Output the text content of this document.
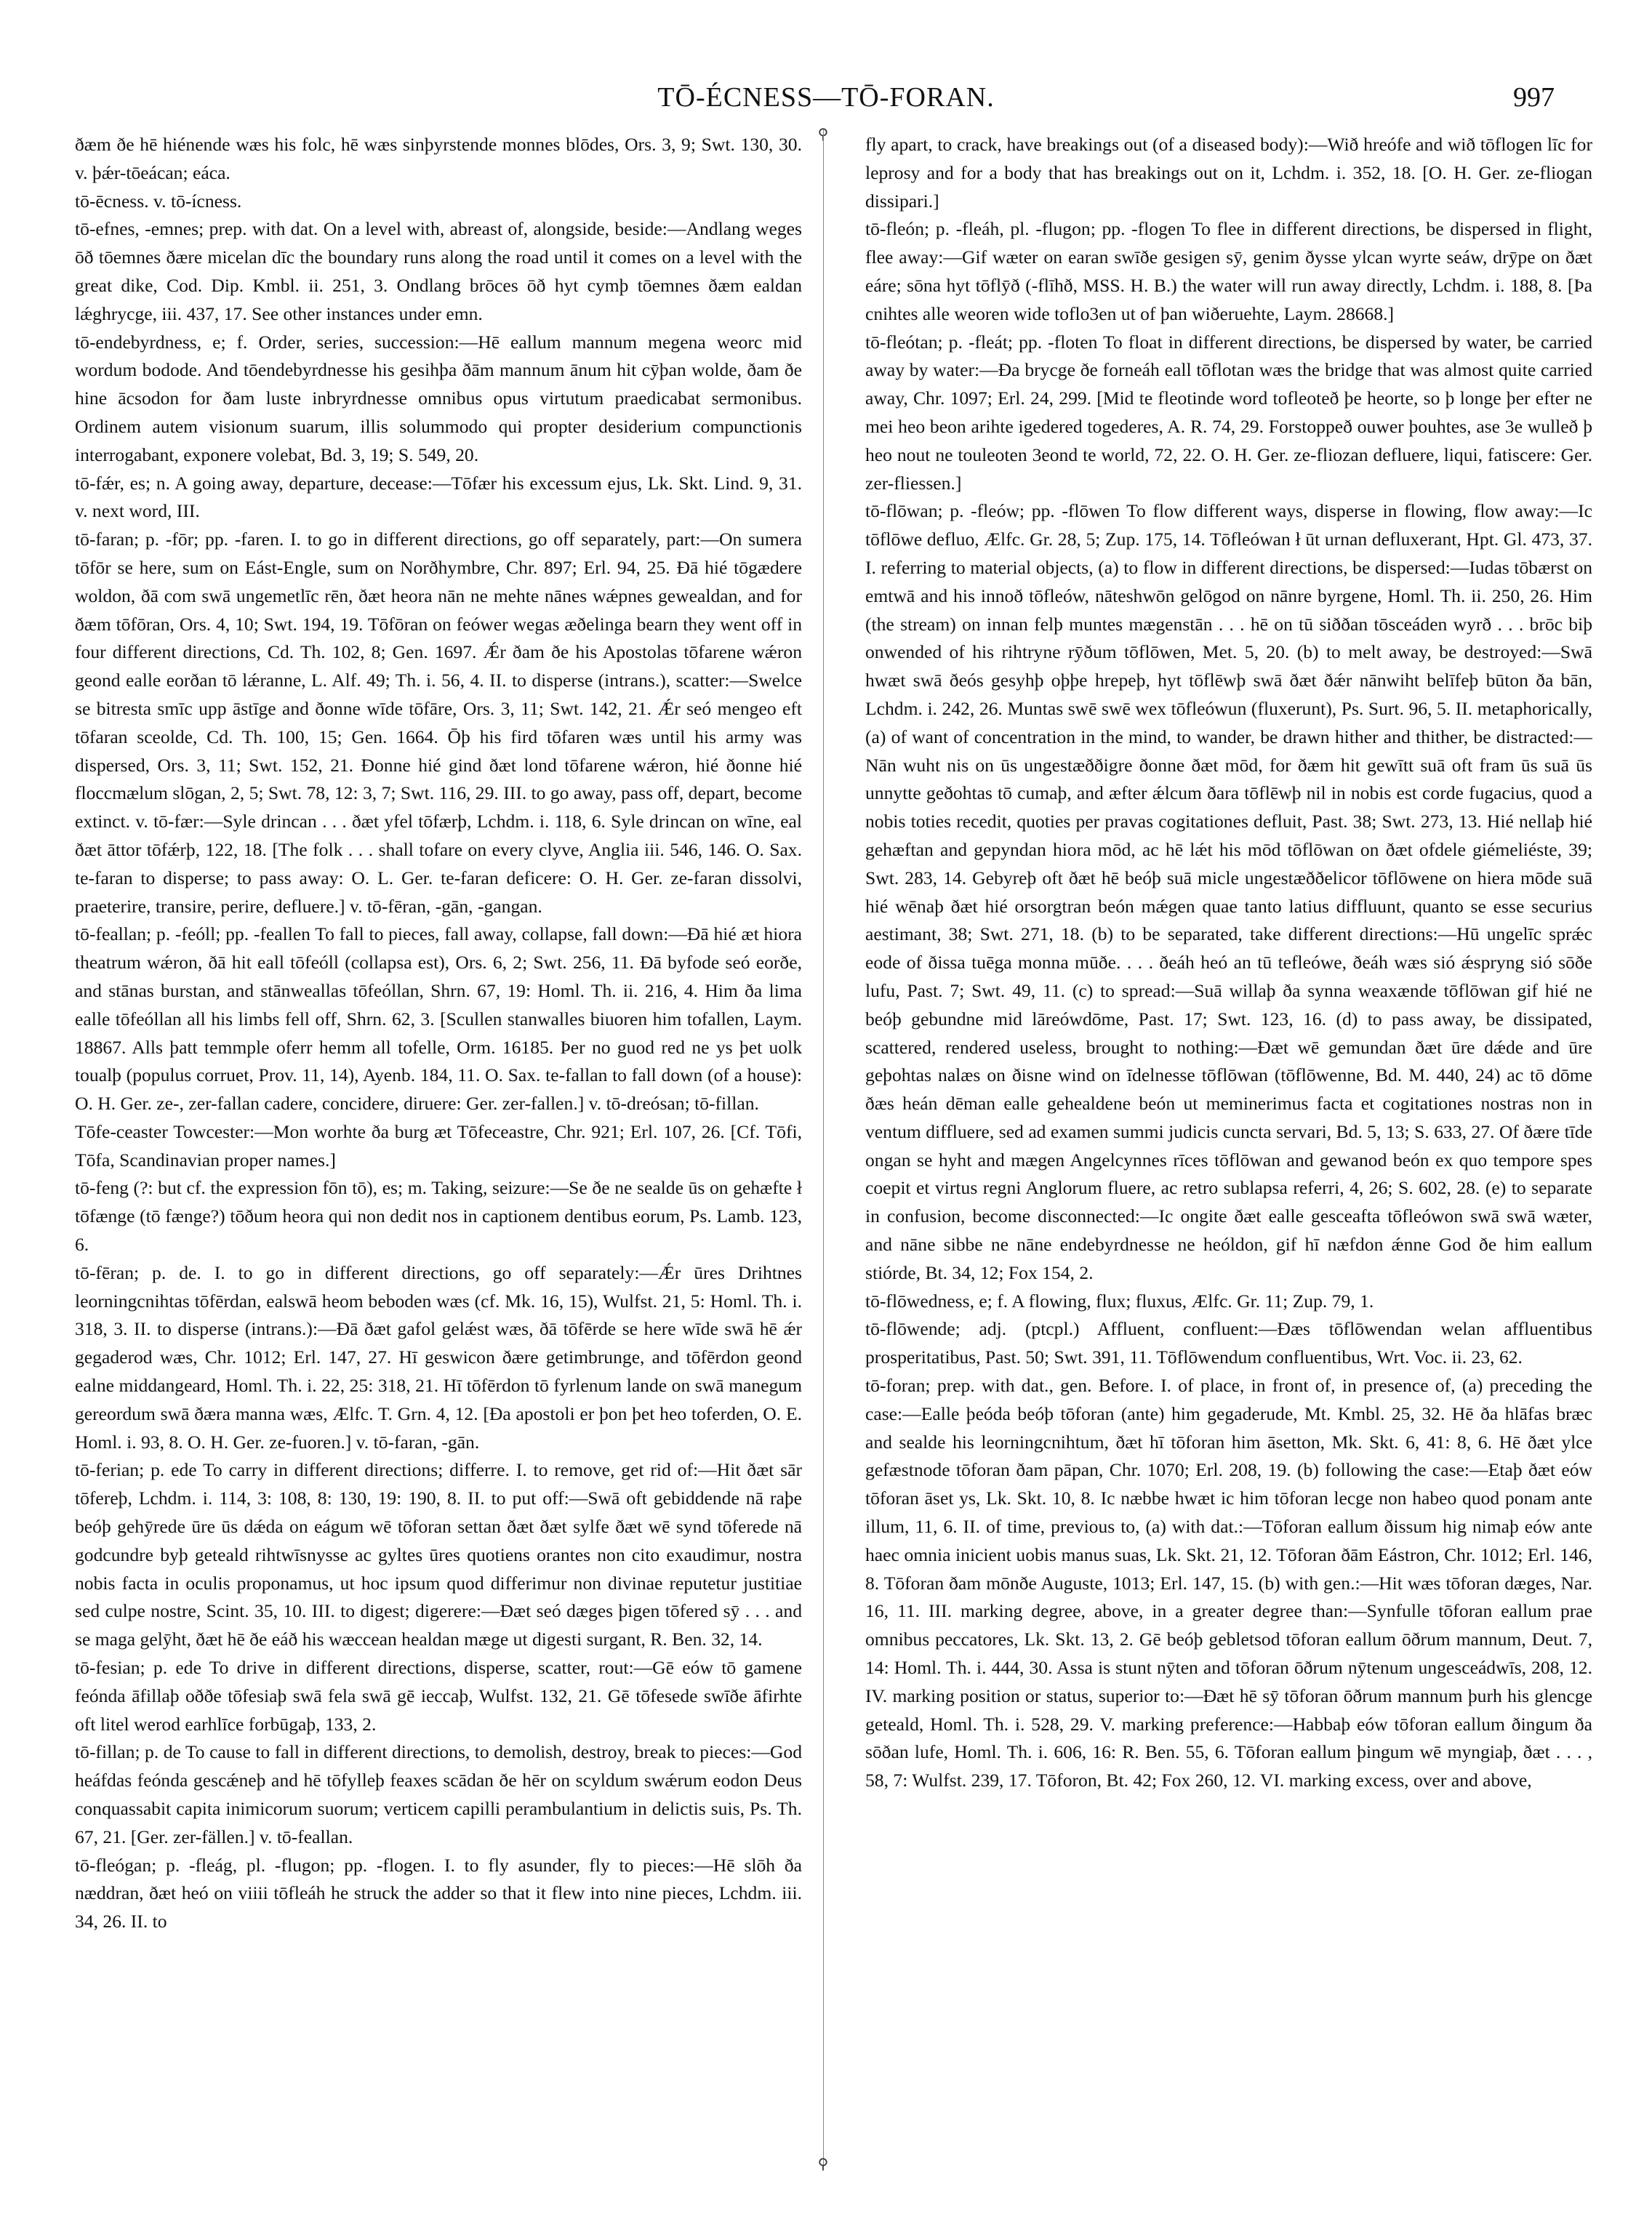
TŌ-ÉCNESS—TŌ-FORAN.	997
⚲
⚲

ðæm ðe hē hiénende wæs his folc, hē wæs sinþyrstende monnes blōdes, Ors. 3, 9; Swt. 130, 30. v. þǽr-tōeácan; eáca.

tō-ēcness. v. tō-ícness.

tō-efnes, -emnes; prep. with dat. On a level with, abreast of, alongside, beside:—Andlang weges ōð tōemnes ðære micelan dīc the boundary runs along the road until it comes on a level with the great dike, Cod. Dip. Kmbl. ii. 251, 3. Ondlang brōces ōð hyt cymþ tōemnes ðæm ealdan lǽghrycge, iii. 437, 17. See other instances under emn.

tō-endebyrdness, e; f. Order, series, succession:—Hē eallum mannum megena weorc mid wordum bodode. And tōendebyrdnesse his gesihþa ðām mannum ānum hit cȳþan wolde, ðam ðe hine ācsodon for ðam luste inbryrdnesse omnibus opus virtutum praedicabat sermonibus. Ordinem autem visionum suarum, illis solummodo qui propter desiderium compunctionis interrogabant, exponere volebat, Bd. 3, 19; S. 549, 20.

tō-fǽr, es; n. A going away, departure, decease:—Tōfær his excessum ejus, Lk. Skt. Lind. 9, 31. v. next word, III.

tō-faran; p. -fōr; pp. -faren. I. to go in different directions, go off separately, part:—On sumera tōfōr se here, sum on Eást-Engle, sum on Norðhymbre, Chr. 897; Erl. 94, 25. Ðā hié tōgædere woldon, ðā com swā ungemetlīc rēn, ðæt heora nān ne mehte nānes wǽpnes gewealdan, and for ðæm tōfōran, Ors. 4, 10; Swt. 194, 19. Tōfōran on feówer wegas æðelinga bearn they went off in four different directions, Cd. Th. 102, 8; Gen. 1697. Ǽr ðam ðe his Apostolas tōfarene wǽron geond ealle eorðan tō lǽranne, L. Alf. 49; Th. i. 56, 4. II. to disperse (intrans.), scatter:—Swelce se bitresta smīc upp āstīge and ðonne wīde tōfāre, Ors. 3, 11; Swt. 142, 21. Ǽr seó mengeo eft tōfaran sceolde, Cd. Th. 100, 15; Gen. 1664. Ōþ his fird tōfaren wæs until his army was dispersed, Ors. 3, 11; Swt. 152, 21. Ðonne hié gind ðæt lond tōfarene wǽron, hié ðonne hié floccmælum slōgan, 2, 5; Swt. 78, 12: 3, 7; Swt. 116, 29. III. to go away, pass off, depart, become extinct. v. tō-fær:—Syle drincan . . . ðæt yfel tōfærþ, Lchdm. i. 118, 6. Syle drincan on wīne, eal ðæt āttor tōfǽrþ, 122, 18. [The folk . . . shall tofare on every clyve, Anglia iii. 546, 146. O. Sax. te-faran to disperse; to pass away: O. L. Ger. te-faran deficere: O. H. Ger. ze-faran dissolvi, praeterire, transire, perire, defluere.] v. tō-fēran, -gān, -gangan.

tō-feallan; p. -feóll; pp. -feallen To fall to pieces, fall away, collapse, fall down:—Ðā hié æt hiora theatrum wǽron, ðā hit eall tōfeóll (collapsa est), Ors. 6, 2; Swt. 256, 11. Ðā byfode seó eorðe, and stānas burstan, and stānweallas tōfeóllan, Shrn. 67, 19: Homl. Th. ii. 216, 4. Him ða lima ealle tōfeóllan all his limbs fell off, Shrn. 62, 3. [Scullen stanwalles biuoren him tofallen, Laym. 18867. Alls þatt temmple oferr hemm all tofelle, Orm. 16185. Þer no guod red ne ys þet uolk toualþ (populus corruet, Prov. 11, 14), Ayenb. 184, 11. O. Sax. te-fallan to fall down (of a house): O. H. Ger. ze-, zer-fallan cadere, concidere, diruere: Ger. zer-fallen.] v. tō-dreósan; tō-fillan.

Tōfe-ceaster Towcester:—Mon worhte ða burg æt Tōfeceastre, Chr. 921; Erl. 107, 26. [Cf. Tōfi, Tōfa, Scandinavian proper names.]

tō-feng (?: but cf. the expression fōn tō), es; m. Taking, seizure:—Se ðe ne sealde ūs on gehæfte ł tōfænge (tō fænge?) tōðum heora qui non dedit nos in captionem dentibus eorum, Ps. Lamb. 123, 6.

tō-fēran; p. de. I. to go in different directions, go off separately:—Ǽr ūres Drihtnes leorningcnihtas tōfērdan, ealswā heom beboden wæs (cf. Mk. 16, 15), Wulfst. 21, 5: Homl. Th. i. 318, 3. II. to disperse (intrans.):—Ðā ðæt gafol gelǽst wæs, ðā tōfērde se here wīde swā hē ǽr gegaderod wæs, Chr. 1012; Erl. 147, 27. Hī geswicon ðære getimbrunge, and tōfērdon geond ealne middangeard, Homl. Th. i. 22, 25: 318, 21. Hī tōfērdon tō fyrlenum lande on swā manegum gereordum swā ðæra manna wæs, Ælfc. T. Grn. 4, 12. [Ða apostoli er þon þet heo toferden, O. E. Homl. i. 93, 8. O. H. Ger. ze-fuoren.] v. tō-faran, -gān.

tō-ferian; p. ede To carry in different directions; differre. I. to remove, get rid of:—Hit ðæt sār tōfereþ, Lchdm. i. 114, 3: 108, 8: 130, 19: 190, 8. II. to put off:—Swā oft gebiddende nā raþe beóþ gehȳrede ūre ūs dǽda on eágum wē tōforan settan ðæt ðæt sylfe ðæt wē synd tōferede nā godcundre byþ geteald rihtwīsnysse ac gyltes ūres quotiens orantes non cito exaudimur, nostra nobis facta in oculis proponamus, ut hoc ipsum quod differimur non divinae reputetur justitiae sed culpe nostre, Scint. 35, 10. III. to digest; digerere:—Ðæt seó dæges þigen tōfered sȳ . . . and se maga gelȳht, ðæt hē ðe eáð his wæccean healdan mæge ut digesti surgant, R. Ben. 32, 14.

tō-fesian; p. ede To drive in different directions, disperse, scatter, rout:—Gē eów tō gamene feónda āfillaþ oððe tōfesiaþ swā fela swā gē ieccaþ, Wulfst. 132, 21. Gē tōfesede swīðe āfirhte oft litel werod earhlīce forbūgaþ, 133, 2.

tō-fillan; p. de To cause to fall in different directions, to demolish, destroy, break to pieces:—God heáfdas feónda gescǽneþ and hē tōfylleþ feaxes scādan ðe hēr on scyldum swǽrum eodon Deus conquassabit capita inimicorum suorum; verticem capilli perambulantium in delictis suis, Ps. Th. 67, 21. [Ger. zer-fällen.] v. tō-feallan.

tō-fleógan; p. -fleág, pl. -flugon; pp. -flogen. I. to fly asunder, fly to pieces:—Hē slōh ða næddran, ðæt heó on viiii tōfleáh he struck the adder so that it flew into nine pieces, Lchdm. iii. 34, 26. II. to

fly apart, to crack, have breakings out (of a diseased body):—Wið hreófe and wið tōflogen līc for leprosy and for a body that has breakings out on it, Lchdm. i. 352, 18. [O. H. Ger. ze-fliogan dissipari.]

tō-fleón; p. -fleáh, pl. -flugon; pp. -flogen To flee in different directions, be dispersed in flight, flee away:—Gif wæter on earan swīðe gesigen sȳ, genim ðysse ylcan wyrte seáw, drȳpe on ðæt eáre; sōna hyt tōflȳð (-flīhð, MSS. H. B.) the water will run away directly, Lchdm. i. 188, 8. [Þa cnihtes alle weoren wide toflo3en ut of þan wiðeruehte, Laym. 28668.]

tō-fleótan; p. -fleát; pp. -floten To float in different directions, be dispersed by water, be carried away by water:—Ða brycge ðe forneáh eall tōflotan wæs the bridge that was almost quite carried away, Chr. 1097; Erl. 24, 299. [Mid te fleotinde word tofleoteð þe heorte, so þ longe þer efter ne mei heo beon arihte igedered togederes, A. R. 74, 29. Forstoppeð ouwer þouhtes, ase 3e wulleð þ heo nout ne touleoten 3eond te world, 72, 22. O. H. Ger. ze-fliozan defluere, liqui, fatiscere: Ger. zer-fliessen.]

tō-flōwan; p. -fleów; pp. -flōwen To flow different ways, disperse in flowing, flow away:—Ic tōflōwe defluo, Ælfc. Gr. 28, 5; Zup. 175, 14. Tōfleówan ł ūt urnan defluxerant, Hpt. Gl. 473, 37. I. referring to material objects, (a) to flow in different directions, be dispersed:—Iudas tōbærst on emtwā and his innoð tōfleów, nāteshwōn gelōgod on nānre byrgene, Homl. Th. ii. 250, 26. Him (the stream) on innan felþ muntes mægenstān . . . hē on tū siððan tōsceáden wyrð . . . brōc biþ onwended of his rihtryne rȳðum tōflōwen, Met. 5, 20. (b) to melt away, be destroyed:—Swā hwæt swā ðeós gesyhþ oþþe hrepeþ, hyt tōflēwþ swā ðæt ðǽr nānwiht belīfeþ būton ða bān, Lchdm. i. 242, 26. Muntas swē swē wex tōfleówun (fluxerunt), Ps. Surt. 96, 5. II. metaphorically, (a) of want of concentration in the mind, to wander, be drawn hither and thither, be distracted:—Nān wuht nis on ūs ungestæððigre ðonne ðæt mōd, for ðæm hit gewītt suā oft fram ūs suā ūs unnytte geðohtas tō cumaþ, and æfter ǽlcum ðara tōflēwþ nil in nobis est corde fugacius, quod a nobis toties recedit, quoties per pravas cogitationes defluit, Past. 38; Swt. 273, 13. Hié nellaþ hié gehæftan and gepyndan hiora mōd, ac hē lǽt his mōd tōflōwan on ðæt ofdele giémeliéste, 39; Swt. 283, 14. Gebyreþ oft ðæt hē beóþ suā micle ungestæððelicor tōflōwene on hiera mōde suā hié wēnaþ ðæt hié orsorgtran beón mǽgen quae tanto latius diffluunt, quanto se esse securius aestimant, 38; Swt. 271, 18. (b) to be separated, take different directions:—Hū ungelīc sprǽc eode of ðissa tuēga monna mūðe. . . . ðeáh heó an tū tefleówe, ðeáh wæs sió ǽspryng sió sōðe lufu, Past. 7; Swt. 49, 11. (c) to spread:—Suā willaþ ða synna weaxænde tōflōwan gif hié ne beóþ gebundne mid lāreówdōme, Past. 17; Swt. 123, 16. (d) to pass away, be dissipated, scattered, rendered useless, brought to nothing:—Ðæt wē gemundan ðæt ūre dǽde and ūre geþohtas nalæs on ðisne wind on īdelnesse tōflōwan (tōflōwenne, Bd. M. 440, 24) ac tō dōme ðæs heán dēman ealle gehealdene beón ut meminerimus facta et cogitationes nostras non in ventum diffluere, sed ad examen summi judicis cuncta servari, Bd. 5, 13; S. 633, 27. Of ðære tīde ongan se hyht and mægen Angelcynnes rīces tōflōwan and gewanod beón ex quo tempore spes coepit et virtus regni Anglorum fluere, ac retro sublapsa referri, 4, 26; S. 602, 28. (e) to separate in confusion, become disconnected:—Ic ongite ðæt ealle gesceafta tōfleówon swā swā wæter, and nāne sibbe ne nāne endebyrdnesse ne heóldon, gif hī næfdon ǽnne God ðe him eallum stiórde, Bt. 34, 12; Fox 154, 2.

tō-flōwedness, e; f. A flowing, flux; fluxus, Ælfc. Gr. 11; Zup. 79, 1.

tō-flōwende; adj. (ptcpl.) Affluent, confluent:—Ðæs tōflōwendan welan affluentibus prosperitatibus, Past. 50; Swt. 391, 11. Tōflōwendum confluentibus, Wrt. Voc. ii. 23, 62.

tō-foran; prep. with dat., gen. Before. I. of place, in front of, in presence of, (a) preceding the case:—Ealle þeóda beóþ tōforan (ante) him gegaderude, Mt. Kmbl. 25, 32. Hē ða hlāfas bræc and sealde his leorningcnihtum, ðæt hī tōforan him āsetton, Mk. Skt. 6, 41: 8, 6. Hē ðæt ylce gefæstnode tōforan ðam pāpan, Chr. 1070; Erl. 208, 19. (b) following the case:—Etaþ ðæt eów tōforan āset ys, Lk. Skt. 10, 8. Ic næbbe hwæt ic him tōforan lecge non habeo quod ponam ante illum, 11, 6. II. of time, previous to, (a) with dat.:—Tōforan eallum ðissum hig nimaþ eów ante haec omnia inicient uobis manus suas, Lk. Skt. 21, 12. Tōforan ðām Eástron, Chr. 1012; Erl. 146, 8. Tōforan ðam mōnðe Auguste, 1013; Erl. 147, 15. (b) with gen.:—Hit wæs tōforan dæges, Nar. 16, 11. III. marking degree, above, in a greater degree than:—Synfulle tōforan eallum prae omnibus peccatores, Lk. Skt. 13, 2. Gē beóþ gebletsod tōforan eallum ōðrum mannum, Deut. 7, 14: Homl. Th. i. 444, 30. Assa is stunt nȳten and tōforan ōðrum nȳtenum ungesceádwīs, 208, 12. IV. marking position or status, superior to:—Ðæt hē sȳ tōforan ōðrum mannum þurh his glencge geteald, Homl. Th. i. 528, 29. V. marking preference:—Habbaþ eów tōforan eallum ðingum ða sōðan lufe, Homl. Th. i. 606, 16: R. Ben. 55, 6. Tōforan eallum þingum wē myngiaþ, ðæt . . . , 58, 7: Wulfst. 239, 17. Tōforon, Bt. 42; Fox 260, 12. VI. marking excess, over and above,
